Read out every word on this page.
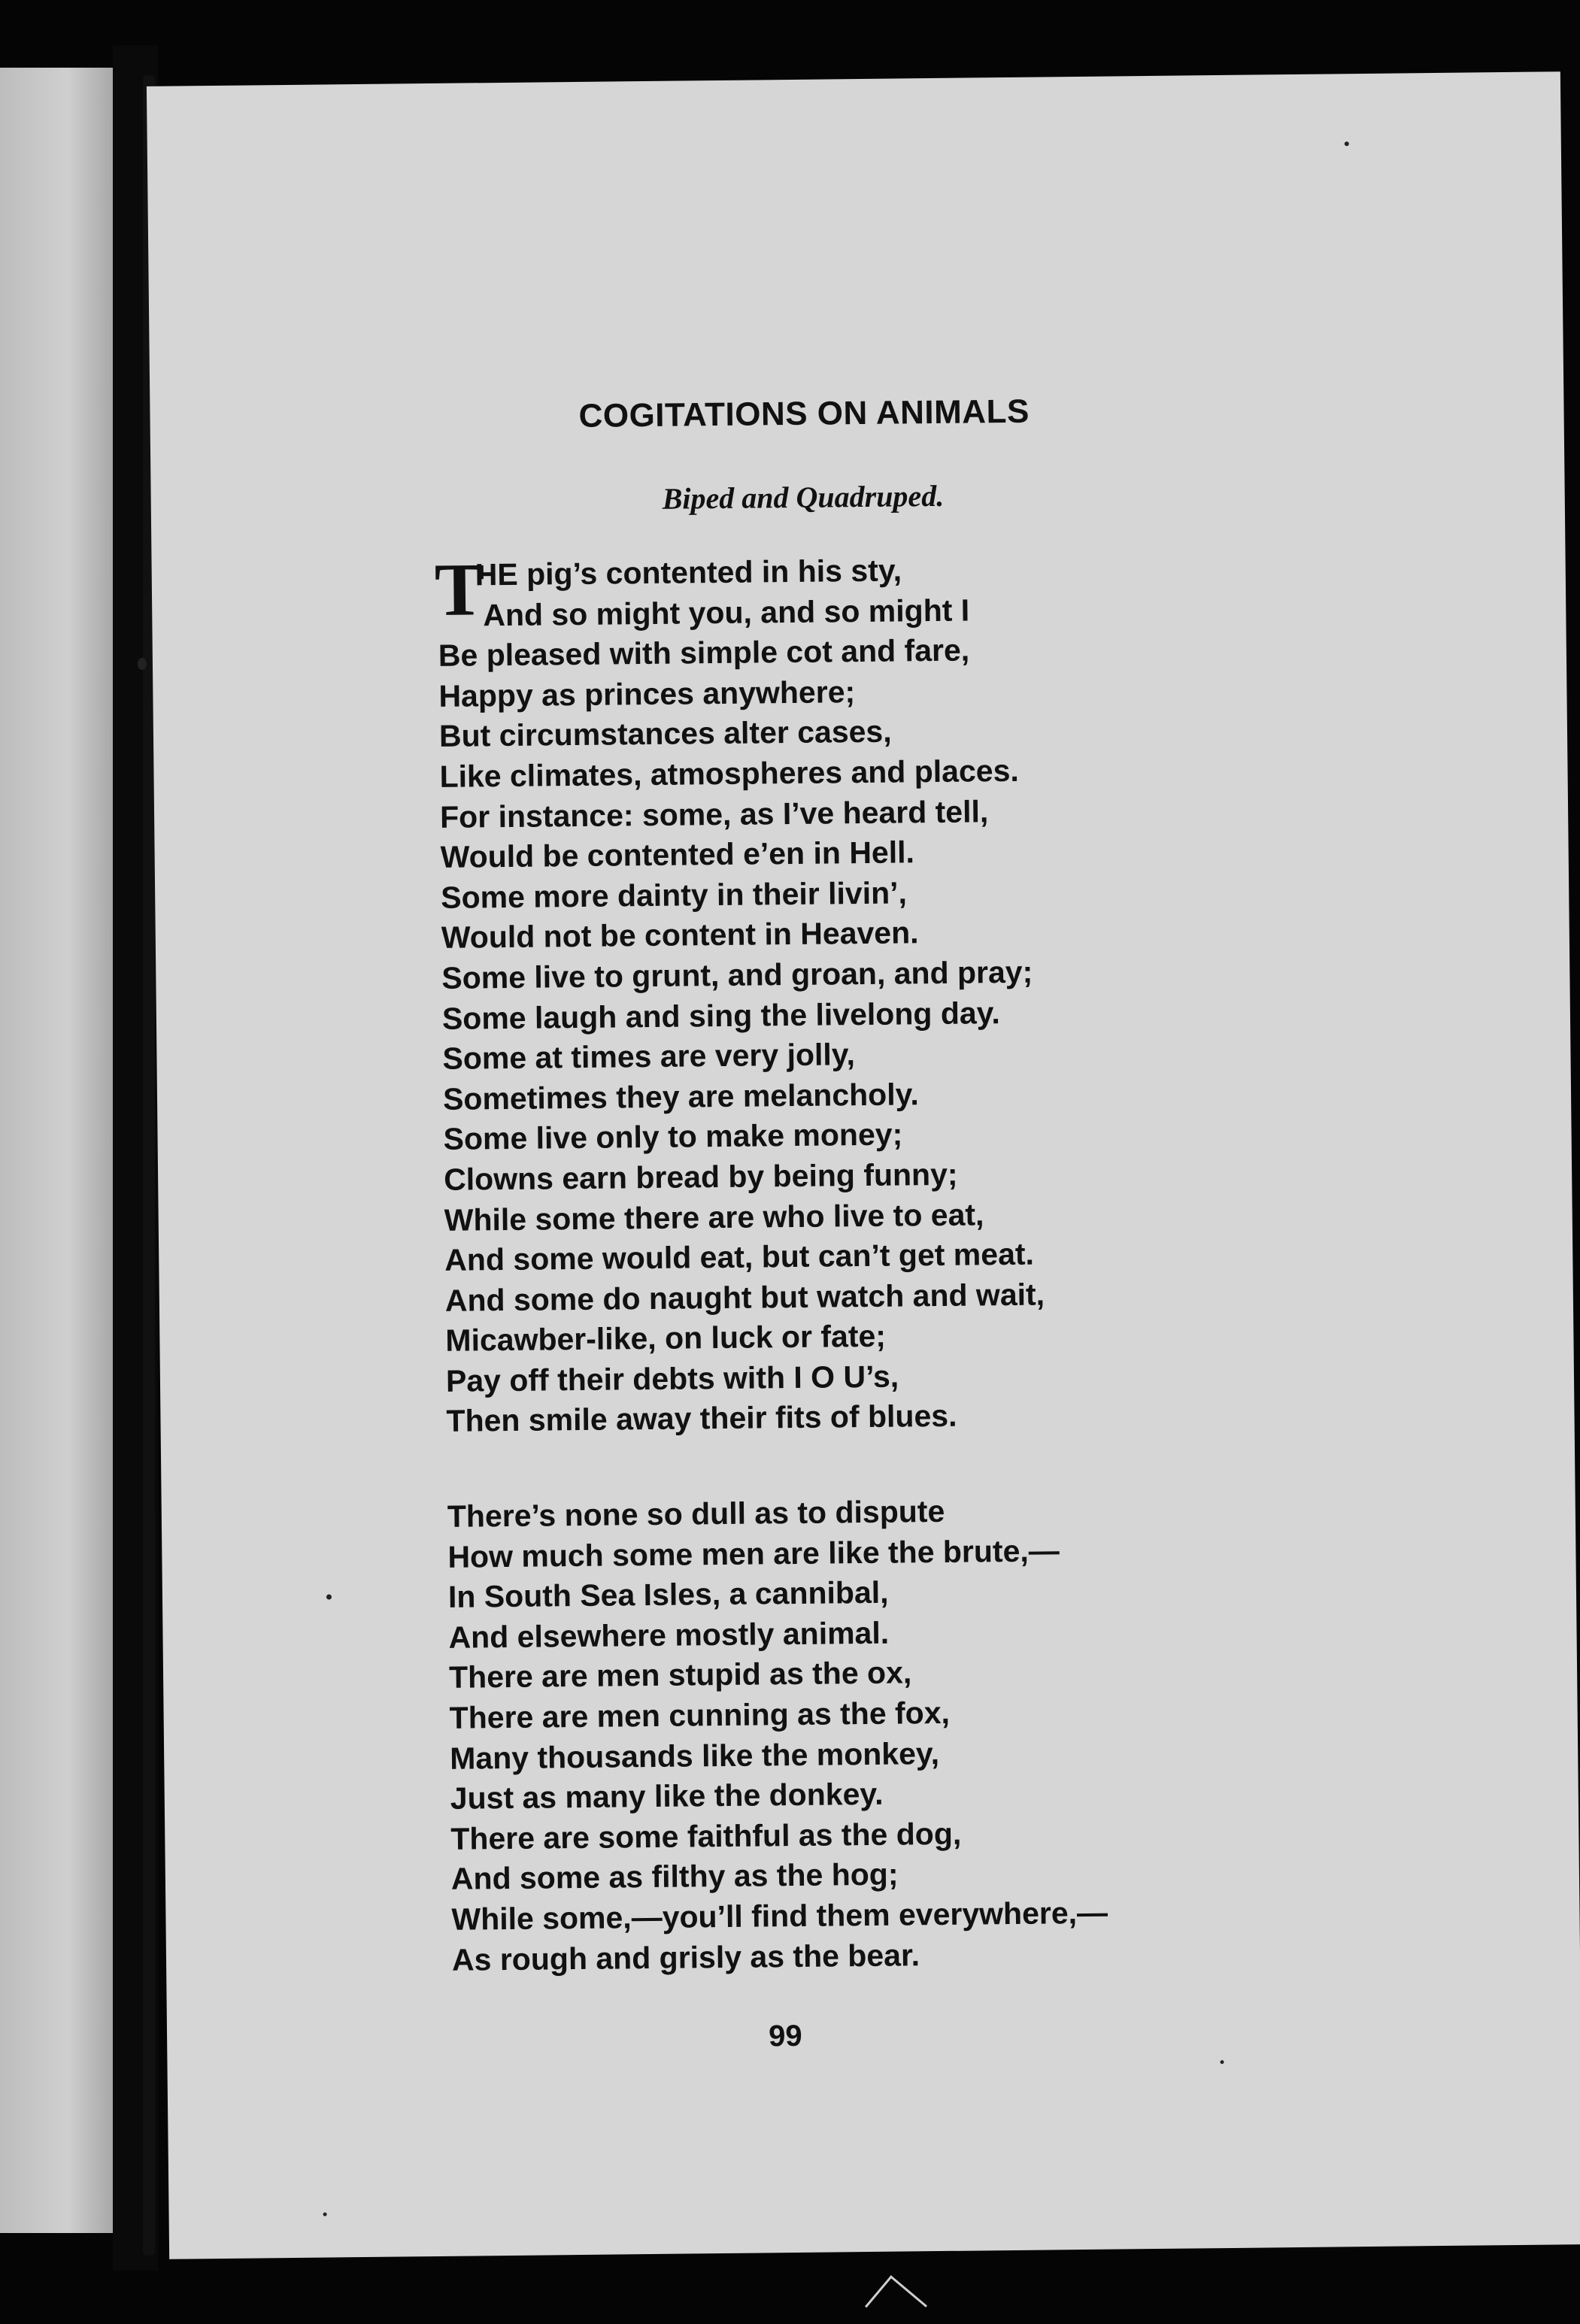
COGITATIONS ON ANIMALS
Biped and Quadruped.
T
HE pig’s contented in his sty,
And so might you, and so might I
Be pleased with simple cot and fare,
Happy as princes anywhere;
But circumstances alter cases,
Like climates, atmospheres and places.
For instance: some, as I’ve heard tell,
Would be contented e’en in Hell.
Some more dainty in their livin’,
Would not be content in Heaven.
Some live to grunt, and groan, and pray;
Some laugh and sing the livelong day.
Some at times are very jolly,
Sometimes they are melancholy.
Some live only to make money;
Clowns earn bread by being funny;
While some there are who live to eat,
And some would eat, but can’t get meat.
And some do naught but watch and wait,
Micawber-like, on luck or fate;
Pay off their debts with I O U’s,
Then smile away their fits of blues.
There’s none so dull as to dispute
How much some men are like the brute,—
In South Sea Isles, a cannibal,
And elsewhere mostly animal.
There are men stupid as the ox,
There are men cunning as the fox,
Many thousands like the monkey,
Just as many like the donkey.
There are some faithful as the dog,
And some as filthy as the hog;
While some,—you’ll find them everywhere,—
As rough and grisly as the bear.
99
